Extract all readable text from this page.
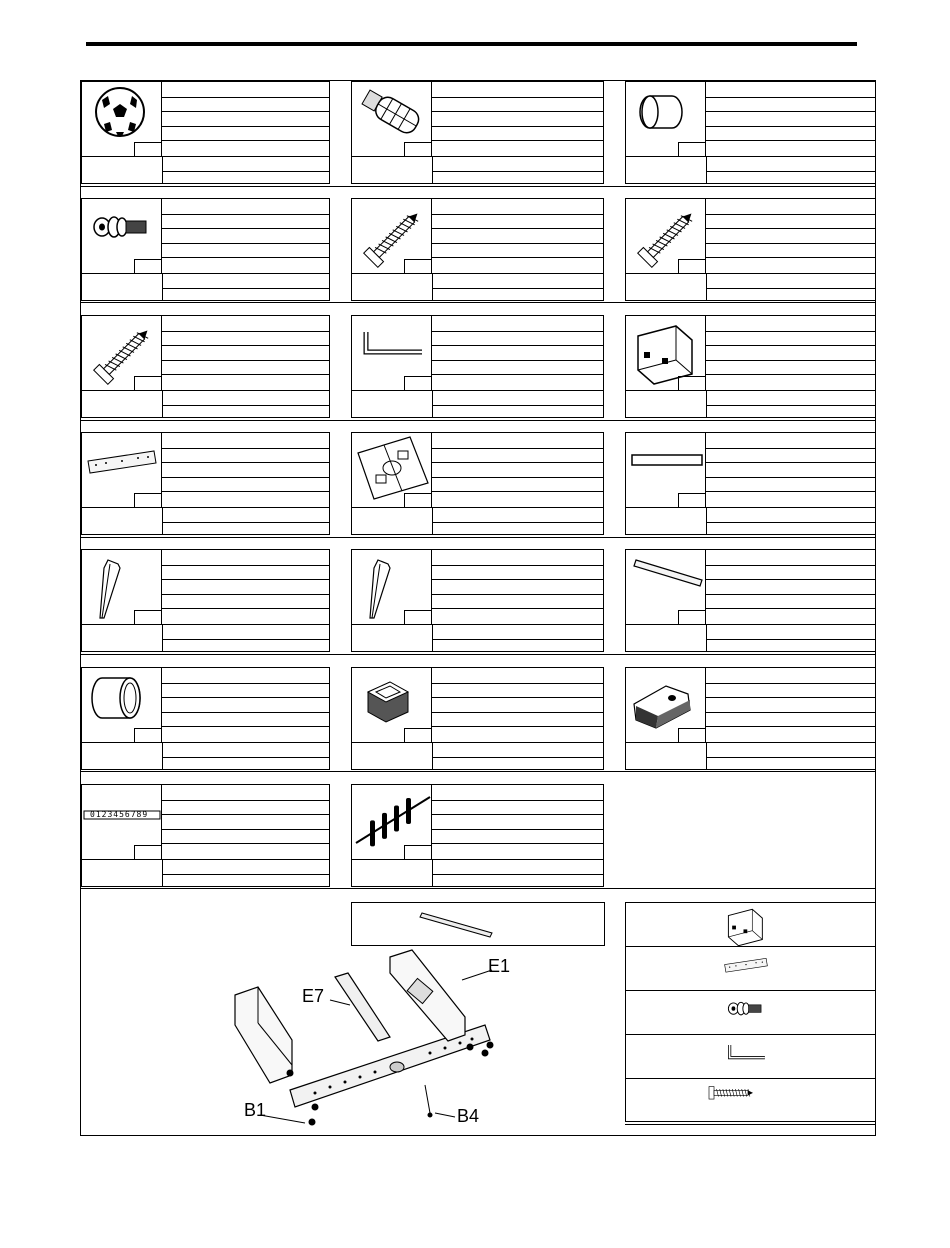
0123456789
E1
E7
B1	B4
